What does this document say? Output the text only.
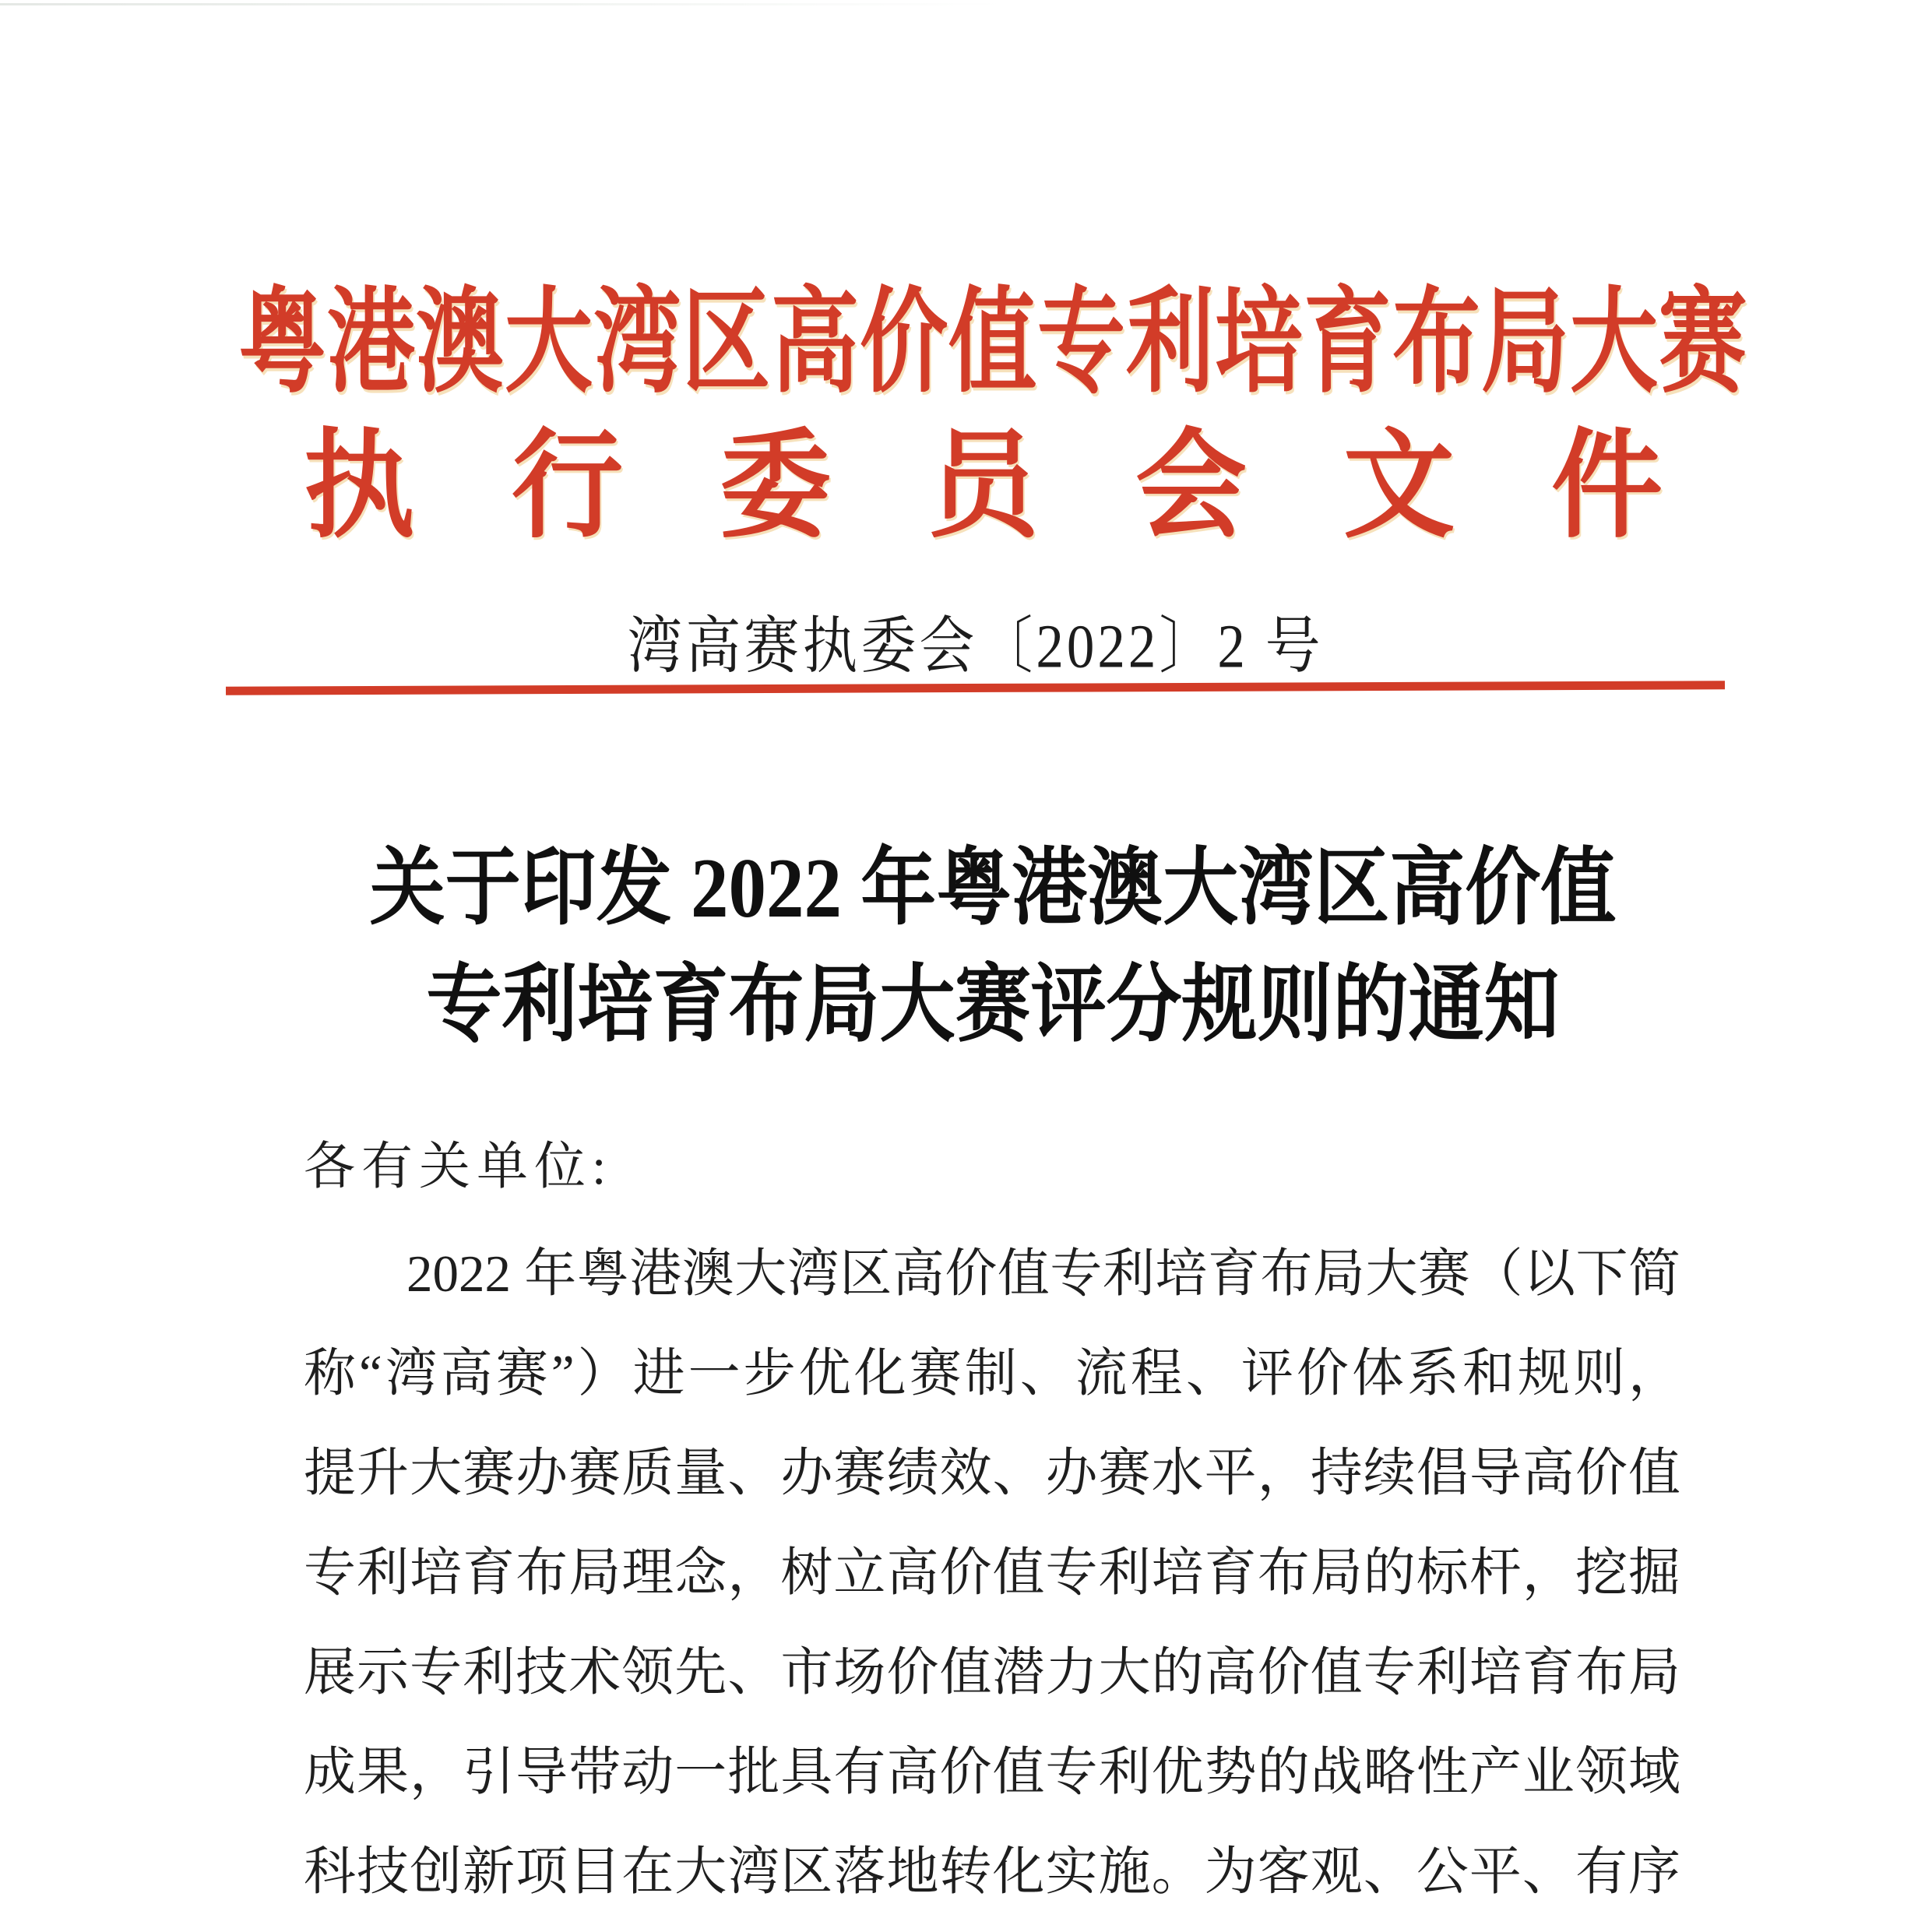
粤港澳大湾区高价值专利培育布局大赛
执行委员会文件
湾高赛执委会〔2022〕2 号
关于印发 2022 年粤港澳大湾区高价值
专利培育布局大赛评分规则的通知
各有关单位:
2022 年粤港澳大湾区高价值专利培育布局大赛（以下简
称“湾高赛”）进一步优化赛制、流程、评价体系和规则，
提升大赛办赛质量、办赛绩效、办赛水平，持续倡导高价值
专利培育布局理念，树立高价值专利培育布局的标杆，挖掘
展示专利技术领先、市场价值潜力大的高价值专利培育布局
成果，引导带动一批具有高价值专利优势的战略性产业领域
科技创新项目在大湾区落地转化实施。为客观、公平、有序
